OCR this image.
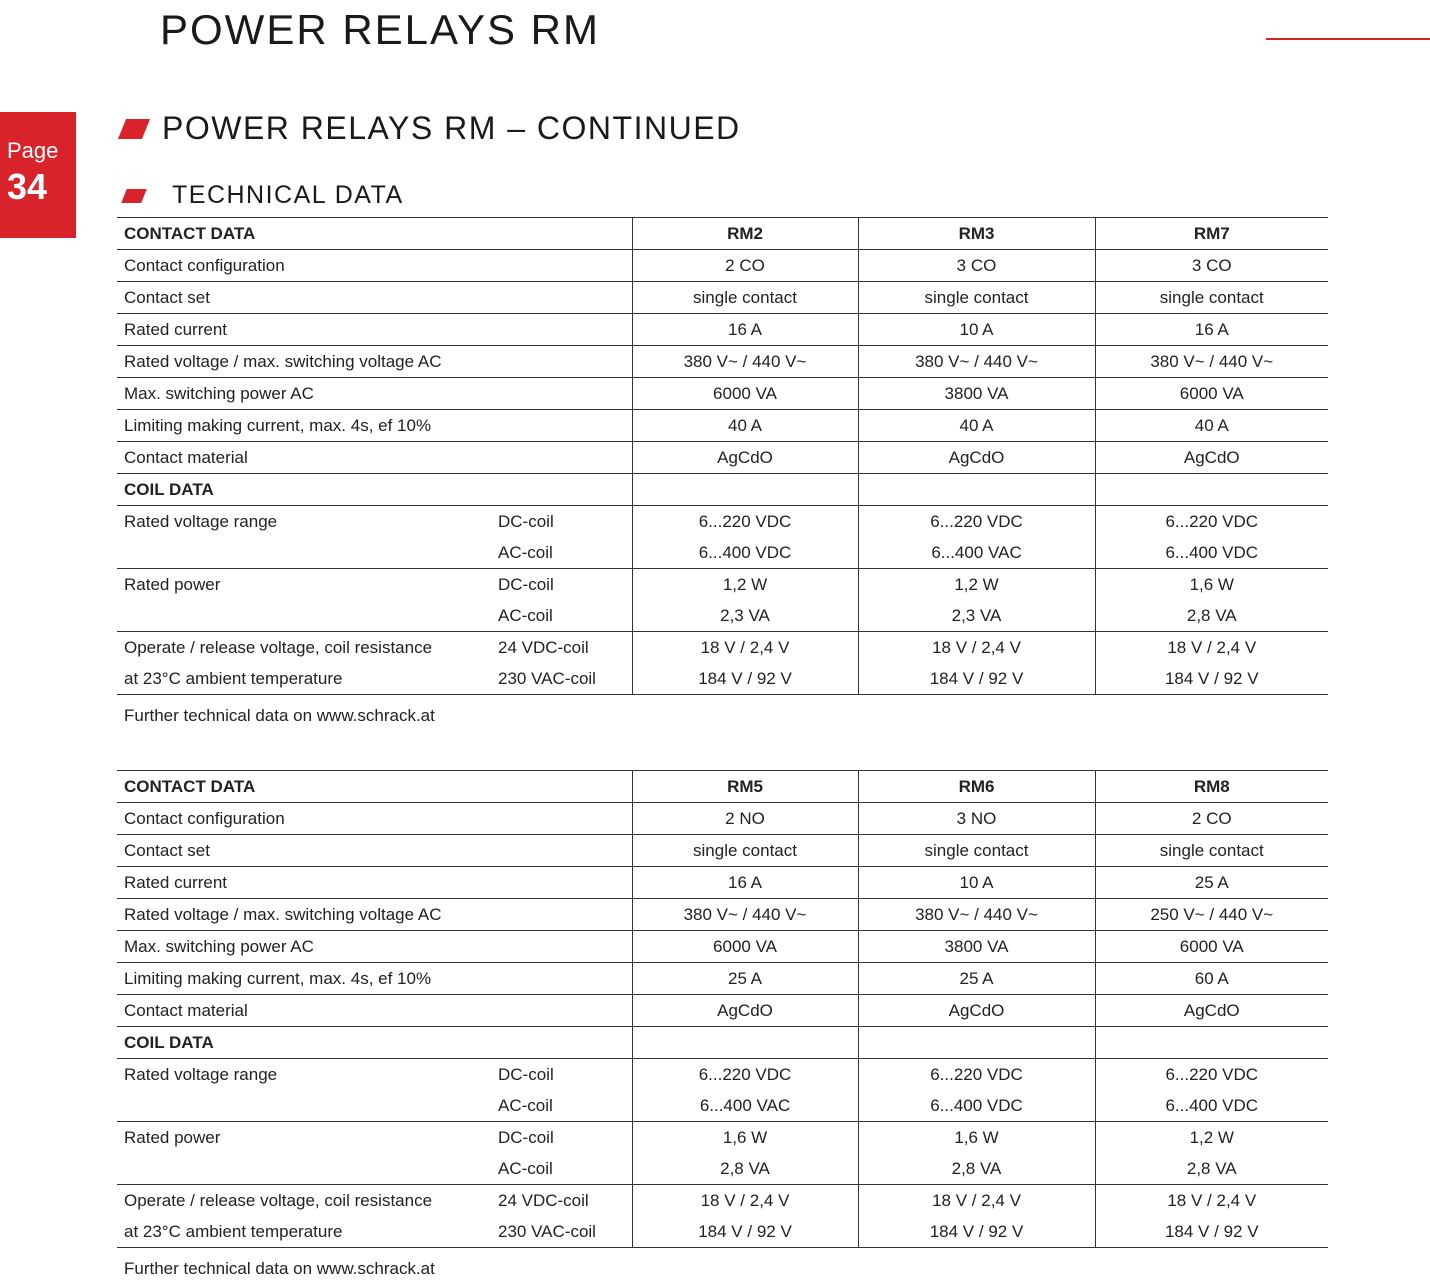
POWER RELAYS RM
Page
34
POWER RELAYS RM – CONTINUED
TECHNICAL DATA
CONTACT DATA		RM2	RM3	RM7
Contact configuration		2 CO	3 CO	3 CO
Contact set		single contact	single contact	single contact
Rated current		16 A	10 A	16 A
Rated voltage / max. switching voltage AC		380 V~ / 440 V~	380 V~ / 440 V~	380 V~ / 440 V~
Max. switching power AC		6000 VA	3800 VA	6000 VA
Limiting making current, max. 4s, ef 10%		40 A	40 A	40 A
Contact material		AgCdO	AgCdO	AgCdO
COIL DATA				
Rated voltage range	DC-coil	6...220 VDC	6...220 VDC	6...220 VDC
	AC-coil	6...400 VDC	6...400 VAC	6...400 VDC
Rated power	DC-coil	1,2 W	1,2 W	1,6 W
	AC-coil	2,3 VA	2,3 VA	2,8 VA
Operate / release voltage, coil resistance	24 VDC-coil	18 V / 2,4 V	18 V / 2,4 V	18 V / 2,4 V
at 23°C ambient temperature	230 VAC-coil	184 V / 92 V	184 V / 92 V	184 V / 92 V
Further technical data on www.schrack.at
CONTACT DATA		RM5	RM6	RM8
Contact configuration		2 NO	3 NO	2 CO
Contact set		single contact	single contact	single contact
Rated current		16 A	10 A	25 A
Rated voltage / max. switching voltage AC		380 V~ / 440 V~	380 V~ / 440 V~	250 V~ / 440 V~
Max. switching power AC		6000 VA	3800 VA	6000 VA
Limiting making current, max. 4s, ef 10%		25 A	25 A	60 A
Contact material		AgCdO	AgCdO	AgCdO
COIL DATA				
Rated voltage range	DC-coil	6...220 VDC	6...220 VDC	6...220 VDC
	AC-coil	6...400 VAC	6...400 VDC	6...400 VDC
Rated power	DC-coil	1,6 W	1,6 W	1,2 W
	AC-coil	2,8 VA	2,8 VA	2,8 VA
Operate / release voltage, coil resistance	24 VDC-coil	18 V / 2,4 V	18 V / 2,4 V	18 V / 2,4 V
at 23°C ambient temperature	230 VAC-coil	184 V / 92 V	184 V / 92 V	184 V / 92 V
Further technical data on www.schrack.at
